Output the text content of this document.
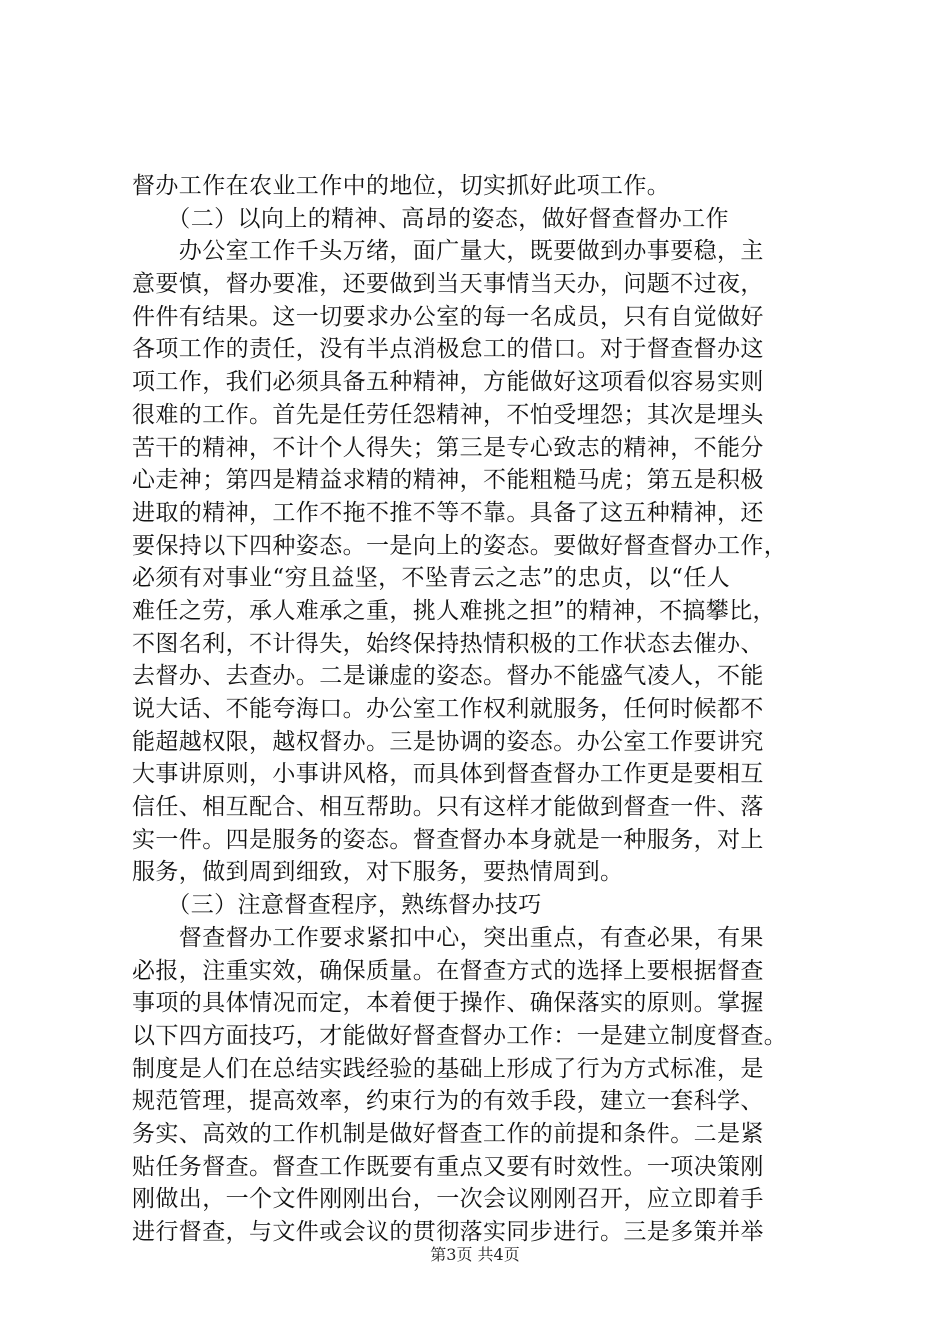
督办工作在农业工作中的地位，切实抓好此项工作。
　　（二）以向上的精神、高昂的姿态，做好督查督办工作
　　办公室工作千头万绪，面广量大，既要做到办事要稳，主
意要慎，督办要准，还要做到当天事情当天办，问题不过夜，
件件有结果。这一切要求办公室的每一名成员，只有自觉做好
各项工作的责任，没有半点消极怠工的借口。对于督查督办这
项工作，我们必须具备五种精神，方能做好这项看似容易实则
很难的工作。首先是任劳任怨精神，不怕受埋怨；其次是埋头
苦干的精神，不计个人得失；第三是专心致志的精神，不能分
心走神；第四是精益求精的精神，不能粗糙马虎；第五是积极
进取的精神，工作不拖不推不等不靠。具备了这五种精神，还
要保持以下四种姿态。一是向上的姿态。要做好督查督办工作，
必须有对事业“穷且益坚，不坠青云之志”的忠贞，以“任人
难任之劳，承人难承之重，挑人难挑之担”的精神，不搞攀比，
不图名利，不计得失，始终保持热情积极的工作状态去催办、
去督办、去查办。二是谦虚的姿态。督办不能盛气凌人，不能
说大话、不能夸海口。办公室工作权利就服务，任何时候都不
能超越权限，越权督办。三是协调的姿态。办公室工作要讲究
大事讲原则，小事讲风格，而具体到督查督办工作更是要相互
信任、相互配合、相互帮助。只有这样才能做到督查一件、落
实一件。四是服务的姿态。督查督办本身就是一种服务，对上
服务，做到周到细致，对下服务，要热情周到。
　　（三）注意督查程序，熟练督办技巧
　　督查督办工作要求紧扣中心，突出重点，有查必果，有果
必报，注重实效，确保质量。在督查方式的选择上要根据督查
事项的具体情况而定，本着便于操作、确保落实的原则。掌握
以下四方面技巧，才能做好督查督办工作：一是建立制度督查。
制度是人们在总结实践经验的基础上形成了行为方式标准，是
规范管理，提高效率，约束行为的有效手段，建立一套科学、
务实、高效的工作机制是做好督查工作的前提和条件。二是紧
贴任务督查。督查工作既要有重点又要有时效性。一项决策刚
刚做出，一个文件刚刚出台，一次会议刚刚召开，应立即着手
进行督查，与文件或会议的贯彻落实同步进行。三是多策并举
第3页 共4页
